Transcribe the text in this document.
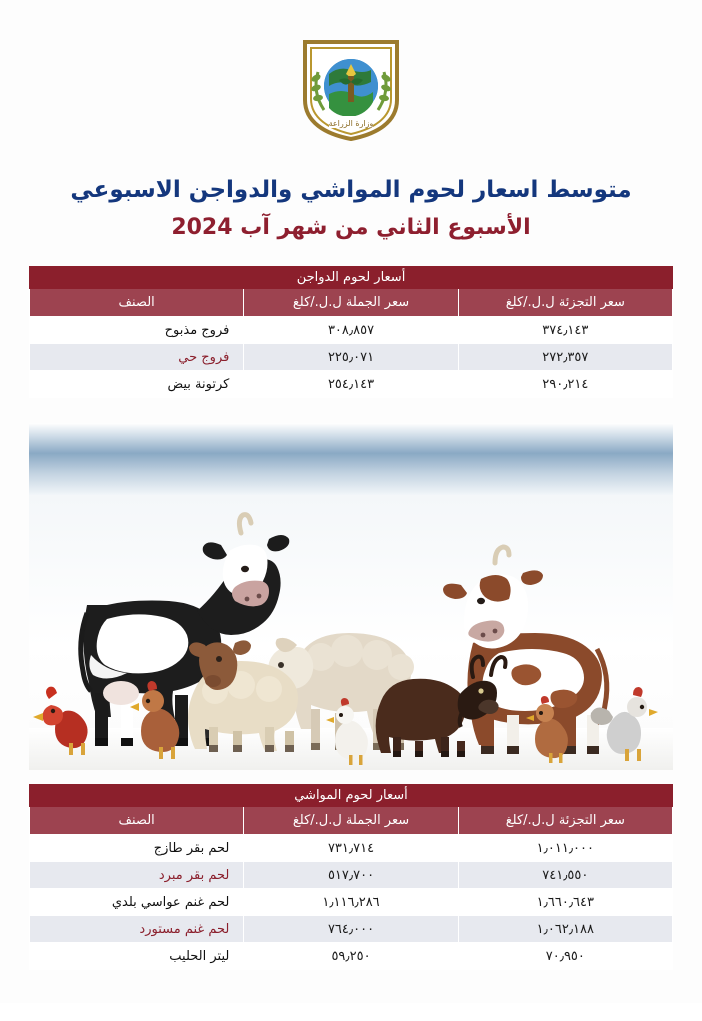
وزارة الزراعة
متوسط اسعار لحوم المواشي والدواجن الاسبوعي
الأسبوع الثاني من شهر آب 2024
أسعار لحوم الدواجن		
سعر التجزئة ل.ل./كلغ	سعر الجملة ل.ل./كلغ	الصنف
٣٧٤٫١٤٣	٣٠٨٫٨٥٧	فروج مذبوح
٢٧٢٫٣٥٧	٢٢٥٫٠٧١	فروج حي
٢٩٠٫٢١٤	٢٥٤٫١٤٣	كرتونة بيض
أسعار لحوم المواشي		
سعر التجزئة ل.ل./كلغ	سعر الجملة ل.ل./كلغ	الصنف
١٫٠١١٫٠٠٠	٧٣١٫٧١٤	لحم بقر طازج
٧٤١٫٥٥٠	٥١٧٫٧٠٠	لحم بقر مبرد
١٫٦٦٠٫٦٤٣	١٫١١٦٫٢٨٦	لحم غنم عواسي بلدي
١٫٠٦٢٫١٨٨	٧٦٤٫٠٠٠	لحم غنم مستورد
٧٠٫٩٥٠	٥٩٫٢٥٠	ليتر الحليب
